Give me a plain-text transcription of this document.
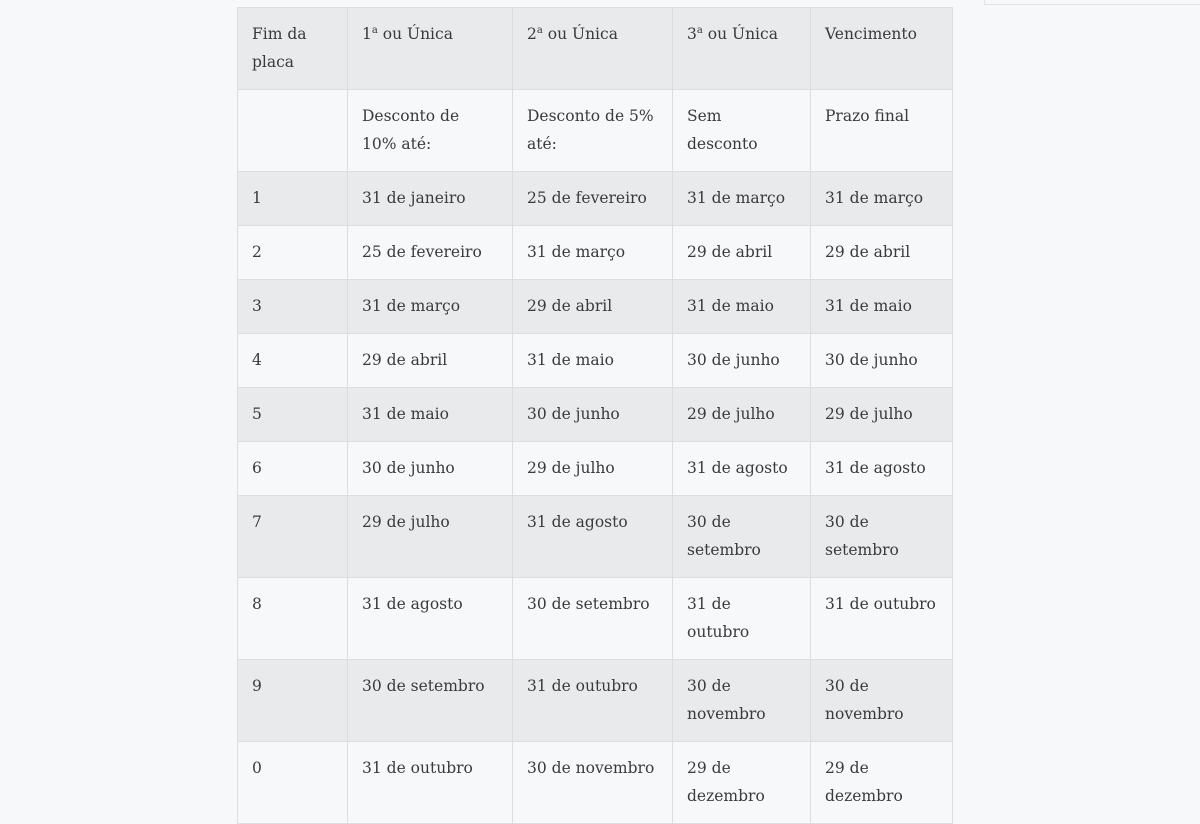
Fim da
placa	1$^a$ ou Única	2$^a$ ou Única	3$^a$ ou Única	Vencimento
	Desconto de 10% até:	Desconto de 5% até:	Sem desconto	Prazo final
1	31 de janeiro	25 de fevereiro	31 de março	31 de março
2	25 de fevereiro	31 de março	29 de abril	29 de abril
3	31 de março	29 de abril	31 de maio	31 de maio
4	29 de abril	31 de maio	30 de junho	30 de junho
5	31 de maio	30 de junho	29 de julho	29 de julho
6	30 de junho	29 de julho	31 de agosto	31 de agosto
7	29 de julho	31 de agosto	30 de setembro	30 de setembro
8	31 de agosto	30 de setembro	31 de outubro	31 de outubro
9	30 de setembro	31 de outubro	30 de novembro	30 de novembro
0	31 de outubro	30 de novembro	29 de dezembro	29 de dezembro
